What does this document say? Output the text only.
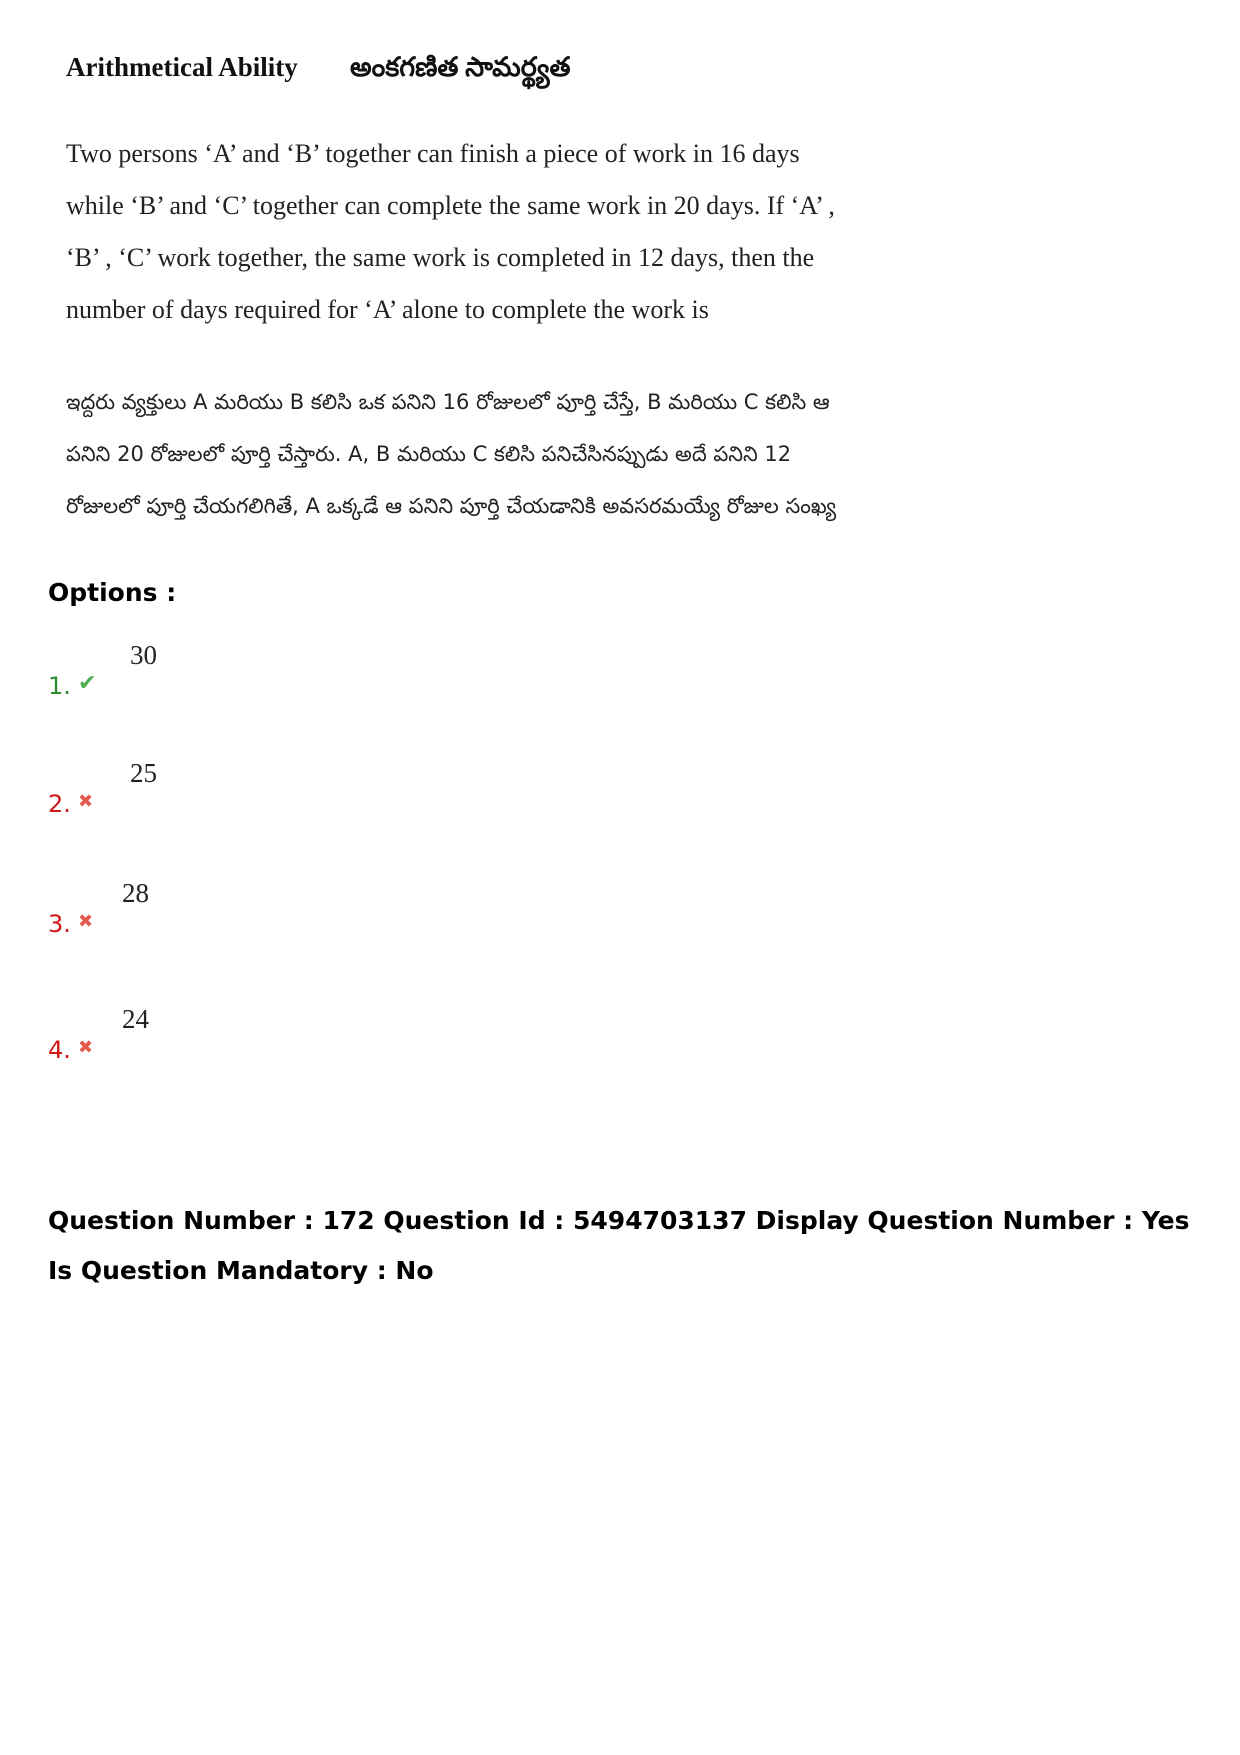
Arithmetical Ability అంకగణిత సామర్థ్యత
Two persons ‘A’ and ‘B’ together can finish a piece of work in 16 days while ‘B’ and ‘C’ together can complete the same work in 20 days. If ‘A’ , ‘B’ , ‘C’ work together, the same work is completed in 12 days, then the number of days required for ‘A’ alone to complete the work is
ఇద్దరు వ్యక్తులు A మరియు B కలిసి ఒక పనిని 16 రోజులలో పూర్తి చేస్తే, B మరియు C కలిసి ఆ పనిని 20 రోజులలో పూర్తి చేస్తారు. A, B మరియు C కలిసి పనిచేసినప్పుడు అదే పనిని 12 రోజులలో పూర్తి చేయగలిగితే, A ఒక్కడే ఆ పనిని పూర్తి చేయడానికి అవసరమయ్యే రోజుల సంఖ్య
Options :
1. ✔
30
2. ✖
25
3. ✖
28
4. ✖
24
Question Number : 172 Question Id : 5494703137 Display Question Number : Yes Is Question Mandatory : No
